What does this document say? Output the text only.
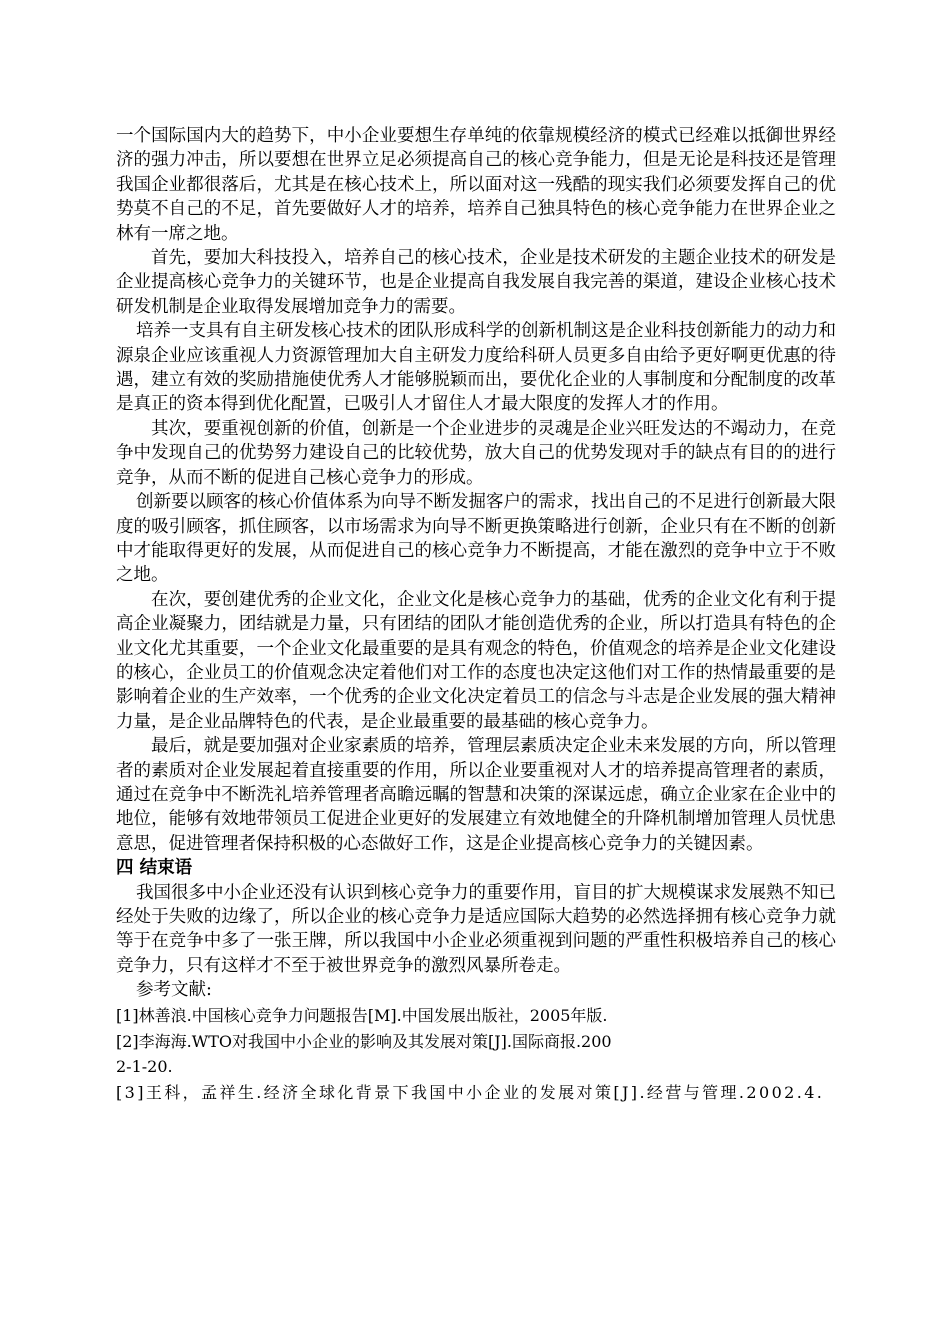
一个国际国内大的趋势下，中小企业要想生存单纯的依靠规模经济的模式已经难以抵御世界经济的强力冲击，所以要想在世界立足必须提高自己的核心竞争能力，但是无论是科技还是管理我国企业都很落后，尤其是在核心技术上，所以面对这一残酷的现实我们必须要发挥自己的优势莫不自己的不足，首先要做好人才的培养，培养自己独具特色的核心竞争能力在世界企业之林有一席之地。

首先，要加大科技投入，培养自己的核心技术，企业是技术研发的主题企业技术的研发是企业提高核心竞争力的关键环节，也是企业提高自我发展自我完善的渠道，建设企业核心技术研发机制是企业取得发展增加竞争力的需要。

培养一支具有自主研发核心技术的团队形成科学的创新机制这是企业科技创新能力的动力和源泉企业应该重视人力资源管理加大自主研发力度给科研人员更多自由给予更好啊更优惠的待遇，建立有效的奖励措施使优秀人才能够脱颖而出，要优化企业的人事制度和分配制度的改革是真正的资本得到优化配置，已吸引人才留住人才最大限度的发挥人才的作用。

其次，要重视创新的价值，创新是一个企业进步的灵魂是企业兴旺发达的不竭动力，在竞争中发现自己的优势努力建设自己的比较优势，放大自己的优势发现对手的缺点有目的的进行竞争，从而不断的促进自己核心竞争力的形成。

创新要以顾客的核心价值体系为向导不断发掘客户的需求，找出自己的不足进行创新最大限度的吸引顾客，抓住顾客，以市场需求为向导不断更换策略进行创新，企业只有在不断的创新中才能取得更好的发展，从而促进自己的核心竞争力不断提高，才能在激烈的竞争中立于不败之地。

在次，要创建优秀的企业文化，企业文化是核心竞争力的基础，优秀的企业文化有利于提高企业凝聚力，团结就是力量，只有团结的团队才能创造优秀的企业，所以打造具有特色的企业文化尤其重要，一个企业文化最重要的是具有观念的特色，价值观念的培养是企业文化建设的核心，企业员工的价值观念决定着他们对工作的态度也决定这他们对工作的热情最重要的是影响着企业的生产效率，一个优秀的企业文化决定着员工的信念与斗志是企业发展的强大精神力量，是企业品牌特色的代表，是企业最重要的最基础的核心竞争力。

最后，就是要加强对企业家素质的培养，管理层素质决定企业未来发展的方向，所以管理者的素质对企业发展起着直接重要的作用，所以企业要重视对人才的培养提高管理者的素质，通过在竞争中不断洗礼培养管理者高瞻远瞩的智慧和决策的深谋远虑，确立企业家在企业中的地位，能够有效地带领员工促进企业更好的发展建立有效地健全的升降机制增加管理人员忧患意思，促进管理者保持积极的心态做好工作，这是企业提高核心竞争力的关键因素。

四 结束语

我国很多中小企业还没有认识到核心竞争力的重要作用，盲目的扩大规模谋求发展熟不知已经处于失败的边缘了，所以企业的核心竞争力是适应国际大趋势的必然选择拥有核心竞争力就等于在竞争中多了一张王牌，所以我国中小企业必须重视到问题的严重性积极培养自己的核心竞争力，只有这样才不至于被世界竞争的激烈风暴所卷走。

参考文献:

[1]林善浪.中国核心竞争力问题报告[M].中国发展出版社，2005年版.

[2]李海海.WTO对我国中小企业的影响及其发展对策[J].国际商报.200

2-1-20.

[3]王科，孟祥生.经济全球化背景下我国中小企业的发展对策[J].经营与管理.2002.4.
